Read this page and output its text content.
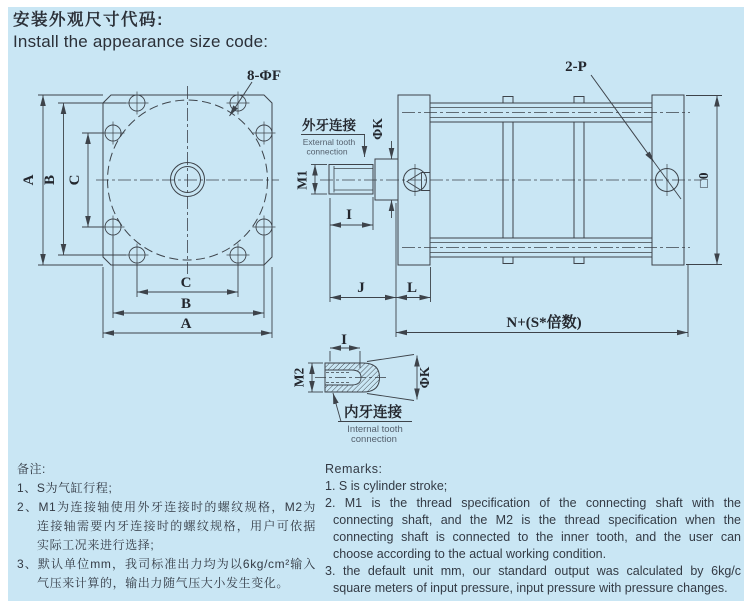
安装外观尺寸代码:
Install the appearance size code:
8-ΦF
2-P
A B C
C
B
A
外牙连接
External tooth
connection
M1
ΦK
I
J	L
N+(S*倍数)
□0
I
M2	ΦK
内牙连接
Internal tooth
connection
备注:
1、S为气缸行程;
2、M1为连接轴使用外牙连接时的螺纹规格，M2为
连接轴需要内牙连接时的螺纹规格，用户可依据
实际工况来进行选择;
3、默认单位mm，我司标准出力均为以6kg/cm²输入
气压来计算的，输出力随气压大小发生变化。
Remarks:
1. S is cylinder stroke;
2. M1 is the thread specification of the connecting shaft with the
connecting shaft, and the M2 is the thread specification when the
connecting shaft is connected to the inner tooth, and the user can
choose according to the actual working condition.
3. the default unit mm, our standard output was calculated by 6kg/c
square meters of input pressure, input pressure with pressure changes.
